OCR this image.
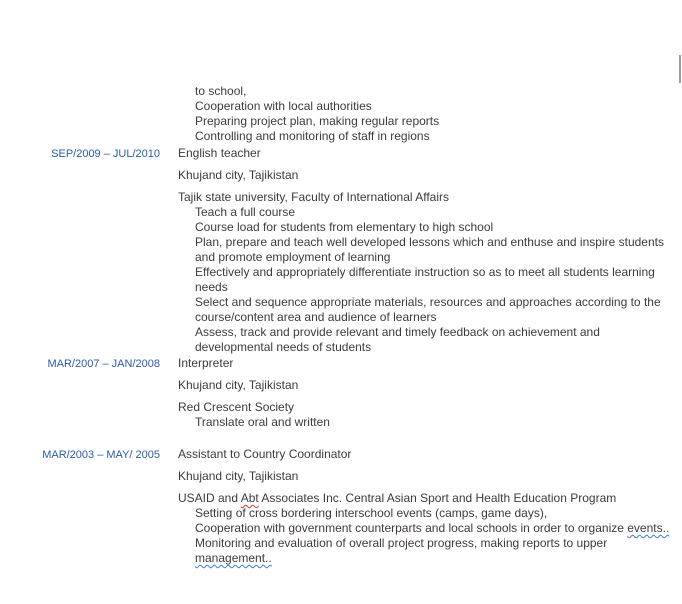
to school,
Cooperation with local authorities
Preparing project plan, making regular reports
Controlling and monitoring of staff in regions
SEP/2009 – JUL/2010 English teacher
Khujand city, Tajikistan
Tajik state university, Faculty of International Affairs
Teach a full course
Course load for students from elementary to high school
Plan, prepare and teach well developed lessons which and enthuse and inspire students and promote employment of learning
Effectively and appropriately differentiate instruction so as to meet all students learning needs
Select and sequence appropriate materials, resources and approaches according to the course/content area and audience of learners
Assess, track and provide relevant and timely feedback on achievement and developmental needs of students
MAR/2007 – JAN/2008 Interpreter
Khujand city, Tajikistan
Red Crescent Society
Translate oral and written
MAR/2003 – MAY/ 2005 Assistant to Country Coordinator
Khujand city, Tajikistan
USAID and Abt Associates Inc. Central Asian Sport and Health Education Program
Setting of cross bordering interschool events (camps, game days),
Cooperation with government counterparts and local schools in order to organize events..
Monitoring and evaluation of overall project progress, making reports to upper management..
